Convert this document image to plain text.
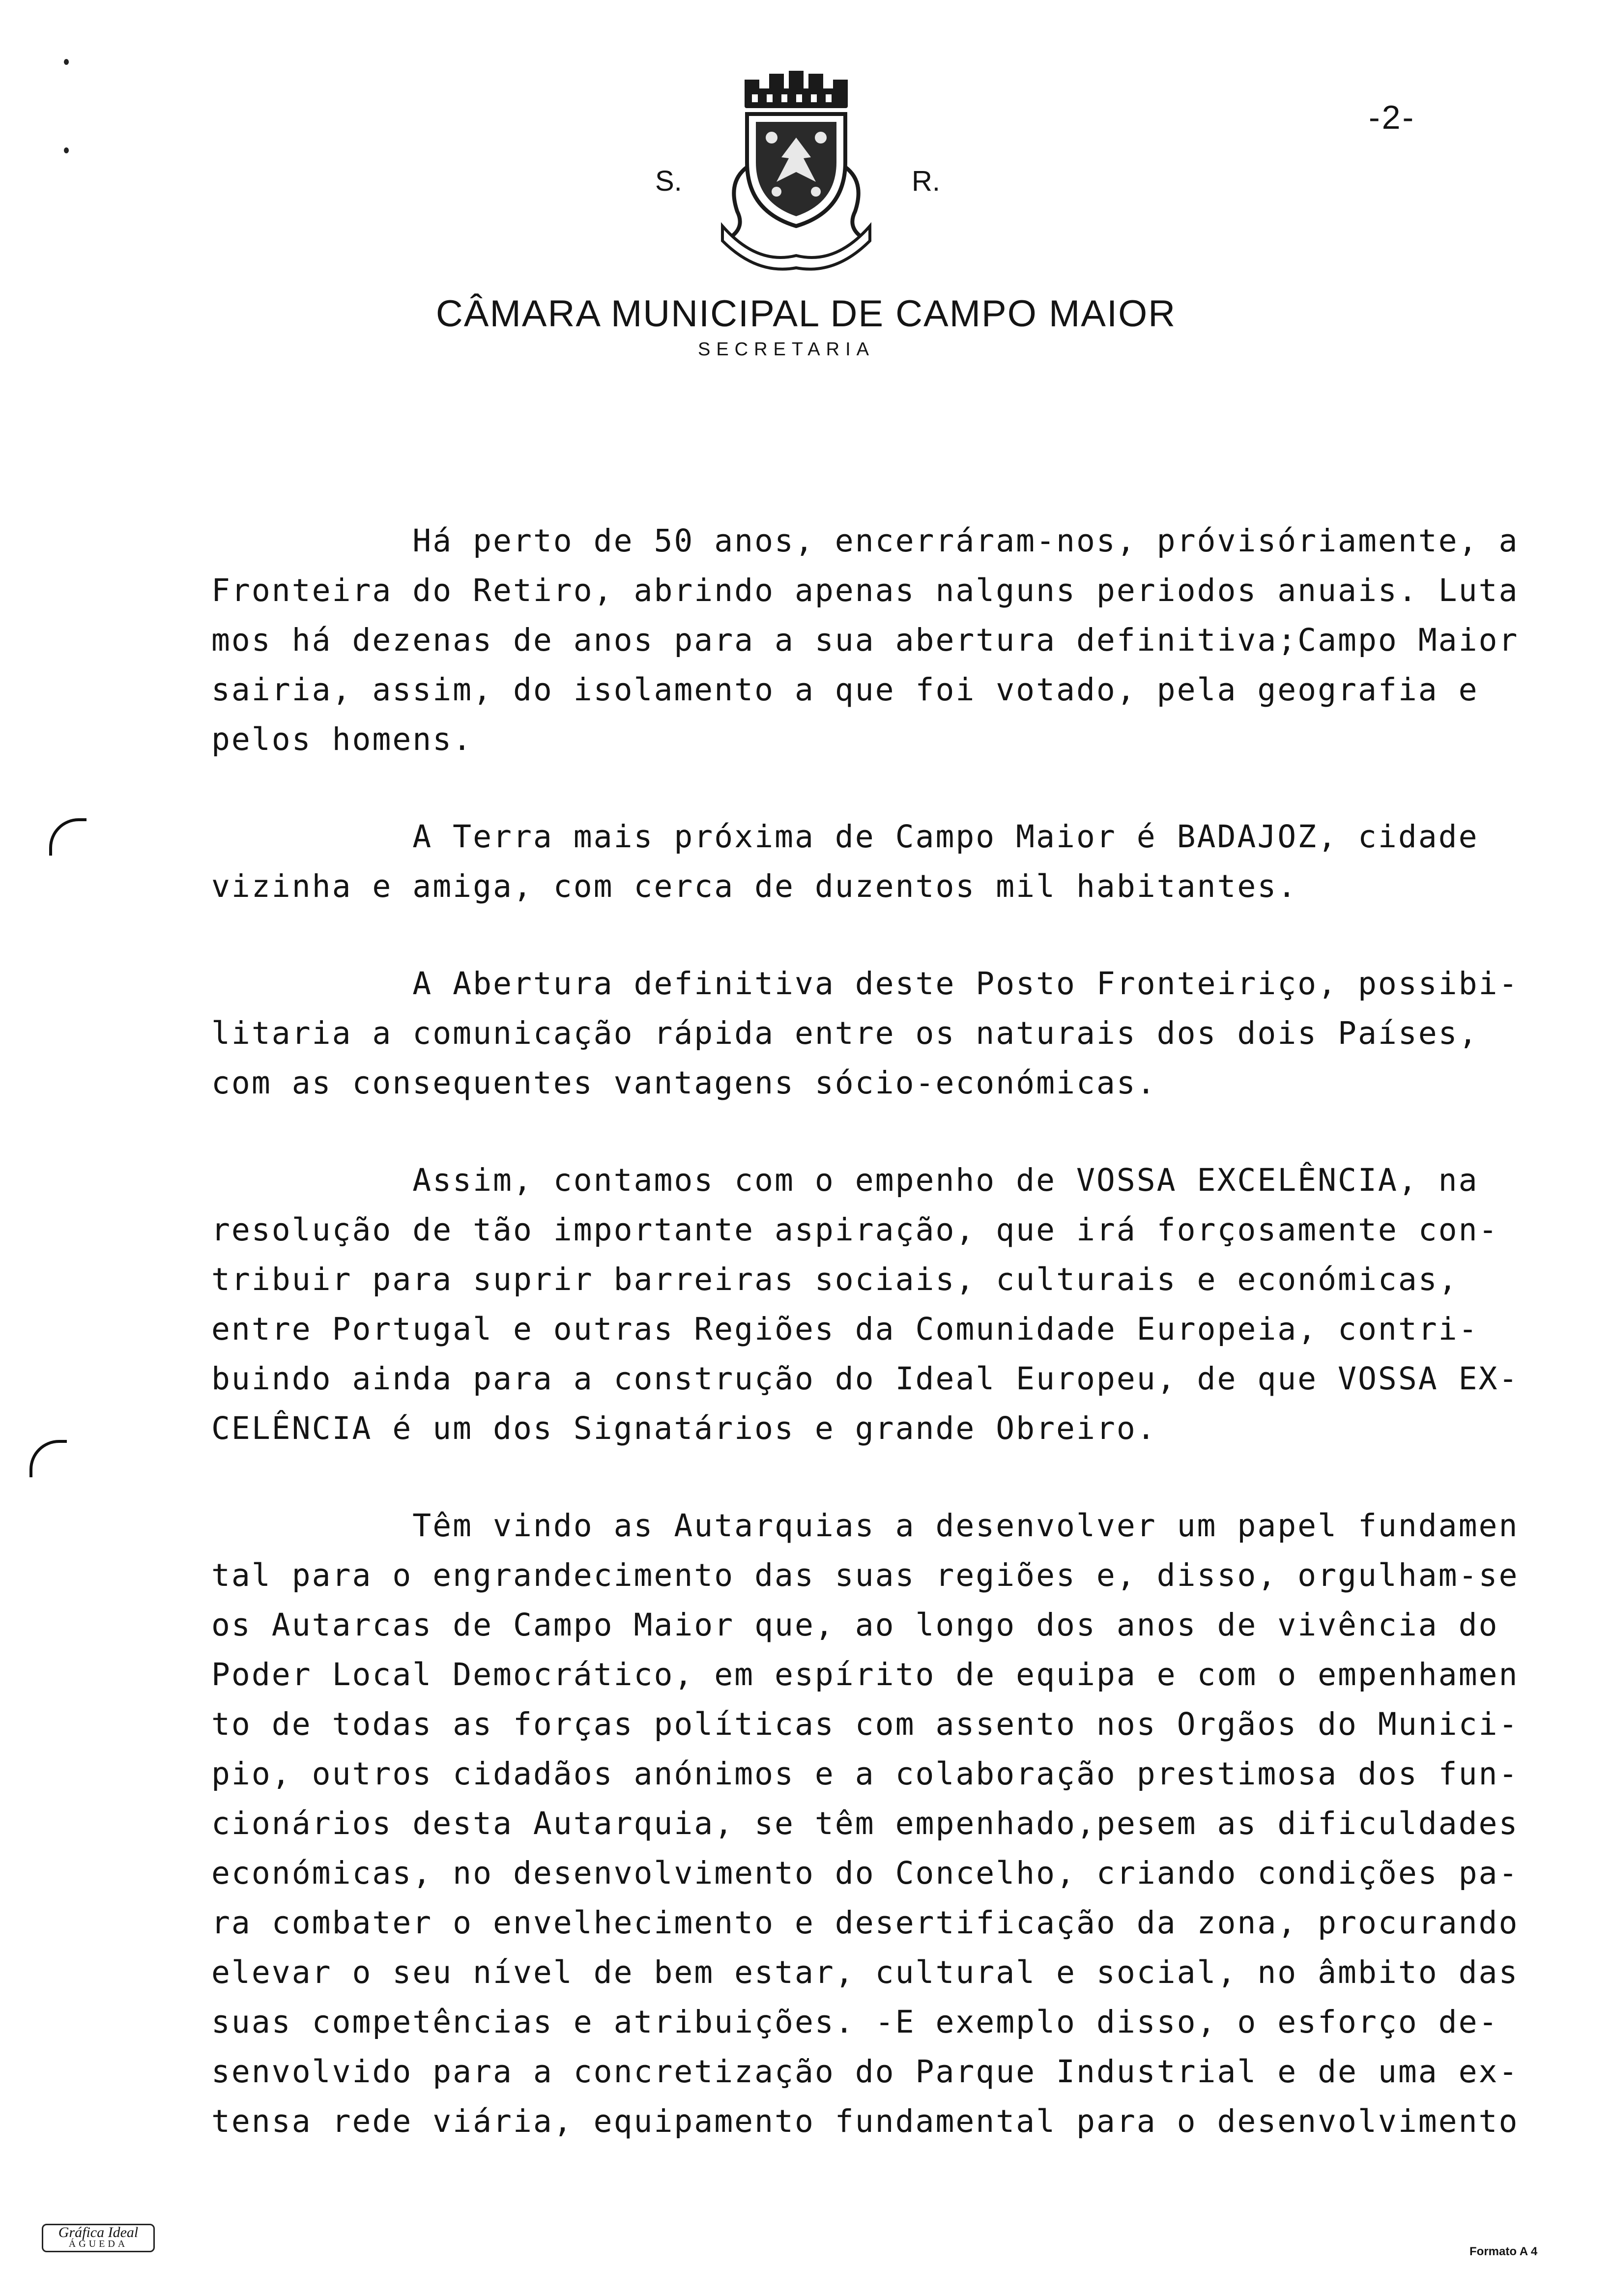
-2-
S.	R.
CÂMARA MUNICIPAL DE CAMPO MAIOR
SECRETARIA
Há perto de 50 anos, encerráram-nos, próvisóriamente, a
Fronteira do Retiro, abrindo apenas nalguns periodos anuais. Luta
mos há dezenas de anos para a sua abertura definitiva;Campo Maior
sairia, assim, do isolamento a que foi votado, pela geografia e
pelos homens.
A Terra mais próxima de Campo Maior é BADAJOZ, cidade
vizinha e amiga, com cerca de duzentos mil habitantes.
A Abertura definitiva deste Posto Fronteiriço, possibi-
litaria a comunicação rápida entre os naturais dos dois Países,
com as consequentes vantagens sócio-económicas.
Assim, contamos com o empenho de VOSSA EXCELÊNCIA, na
resolução de tão importante aspiração, que irá forçosamente con-
tribuir para suprir barreiras sociais, culturais e económicas,
entre Portugal e outras Regiões da Comunidade Europeia, contri-
buindo ainda para a construção do Ideal Europeu, de que VOSSA EX-
CELÊNCIA é um dos Signatários e grande Obreiro.
Têm vindo as Autarquias a desenvolver um papel fundamen
tal para o engrandecimento das suas regiões e, disso, orgulham-se
os Autarcas de Campo Maior que, ao longo dos anos de vivência do
Poder Local Democrático, em espírito de equipa e com o empenhamen
to de todas as forças políticas com assento nos Orgãos do Munici-
pio, outros cidadãos anónimos e a colaboração prestimosa dos fun-
cionários desta Autarquia, se têm empenhado,pesem as dificuldades
económicas, no desenvolvimento do Concelho, criando condições pa-
ra combater o envelhecimento e desertificação da zona, procurando
elevar o seu nível de bem estar, cultural e social, no âmbito das
suas competências e atribuições. -E exemplo disso, o esforço de-
senvolvido para a concretização do Parque Industrial e de uma ex-
tensa rede viária, equipamento fundamental para o desenvolvimento
Gráfica Ideal
ÁGUEDA
Formato A 4
